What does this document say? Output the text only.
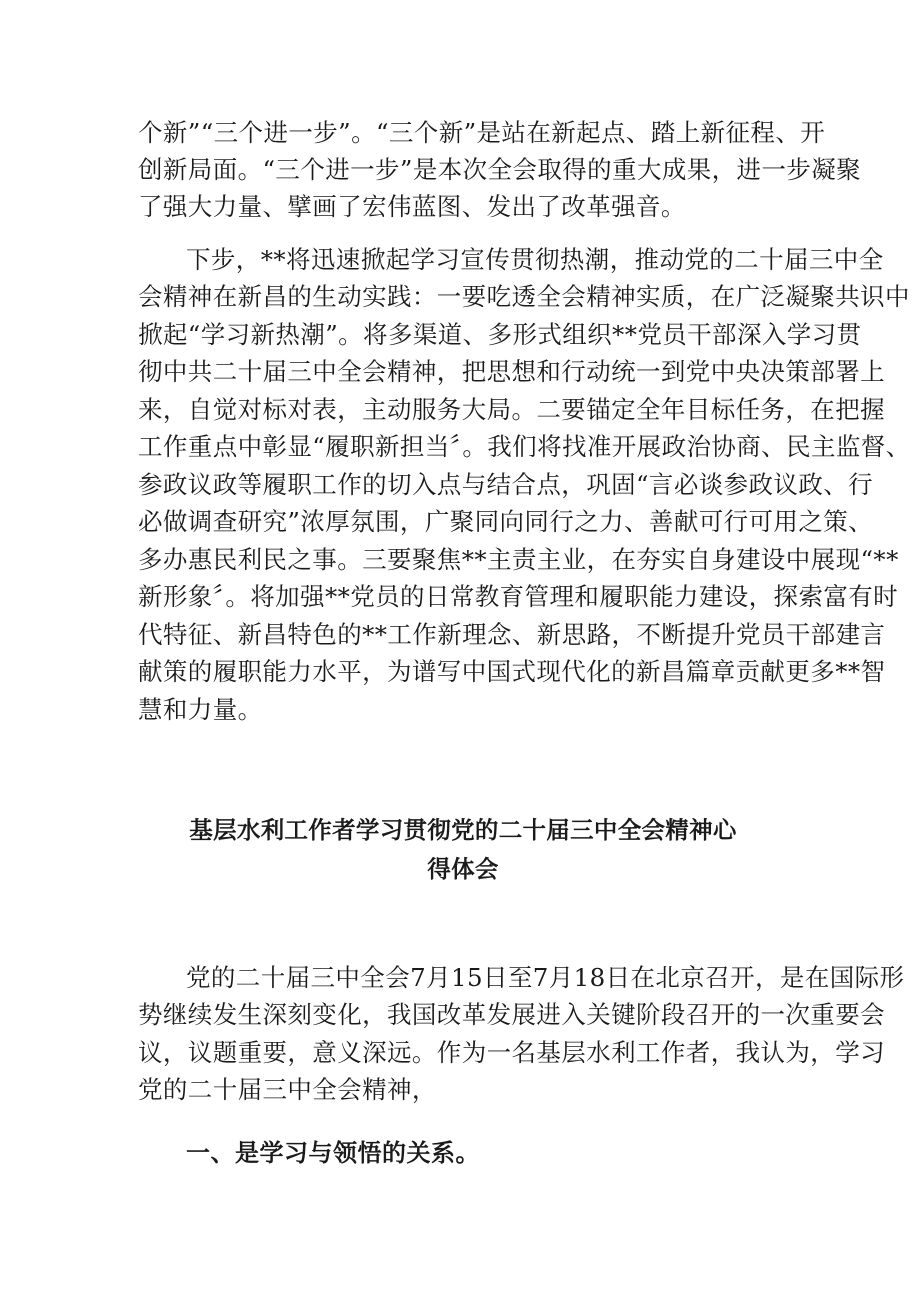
个新”“三个进一步”。“三个新”是站在新起点、踏上新征程、开
创新局面。“三个进一步”是本次全会取得的重大成果，进一步凝聚
了强大力量、擘画了宏伟蓝图、发出了改革强音。
下步，**将迅速掀起学习宣传贯彻热潮，推动党的二十届三中全
会精神在新昌的生动实践：一要吃透全会精神实质，在广泛凝聚共识中
掀起“学习新热潮”。将多渠道、多形式组织**党员干部深入学习贯
彻中共二十届三中全会精神，把思想和行动统一到党中央决策部署上
来，自觉对标对表，主动服务大局。二要锚定全年目标任务，在把握
工作重点中彰显“履职新担当〞。我们将找准开展政治协商、民主监督、
参政议政等履职工作的切入点与结合点，巩固“言必谈参政议政、行
必做调查研究”浓厚氛围，广聚同向同行之力、善献可行可用之策、
多办惠民利民之事。三要聚焦**主责主业，在夯实自身建设中展现“**
新形象〞。将加强**党员的日常教育管理和履职能力建设，探索富有时
代特征、新昌特色的**工作新理念、新思路，不断提升党员干部建言
献策的履职能力水平，为谱写中国式现代化的新昌篇章贡献更多**智
慧和力量。
基层水利工作者学习贯彻党的二十届三中全会精神心
得体会
党的二十届三中全会7月15日至7月18日在北京召开，是在国际形
势继续发生深刻变化，我国改革发展进入关键阶段召开的一次重要会
议，议题重要，意义深远。作为一名基层水利工作者，我认为，学习
党的二十届三中全会精神，
一、是学习与领悟的关系。
